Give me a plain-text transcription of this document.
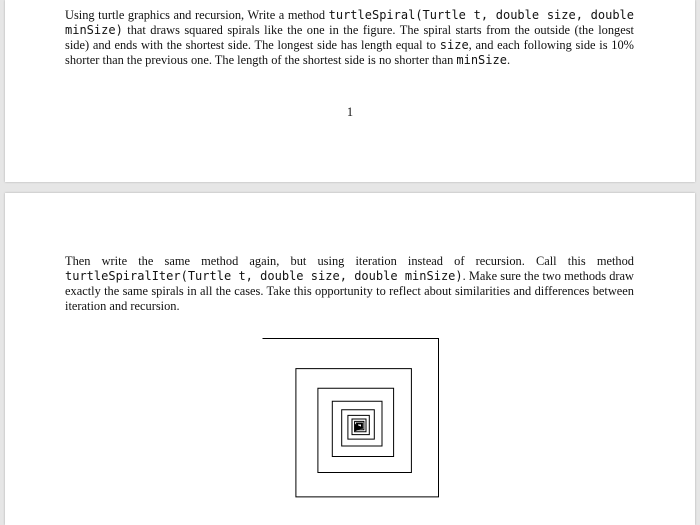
Using turtle graphics and recursion, Write a method turtleSpiral(Turtle t, double size, double minSize) that draws squared spirals like the one in the figure. The spiral starts from the outside (the longest side) and ends with the shortest side. The longest side has length equal to size, and each following side is 10% shorter than the previous one. The length of the shortest side is no shorter than minSize.

1

Then write the same method again, but using iteration instead of recursion. Call this method turtleSpiralIter(Turtle t, double size, double minSize). Make sure the two methods draw exactly the same spirals in all the cases. Take this opportunity to reflect about similarities and differences between iteration and recursion.
